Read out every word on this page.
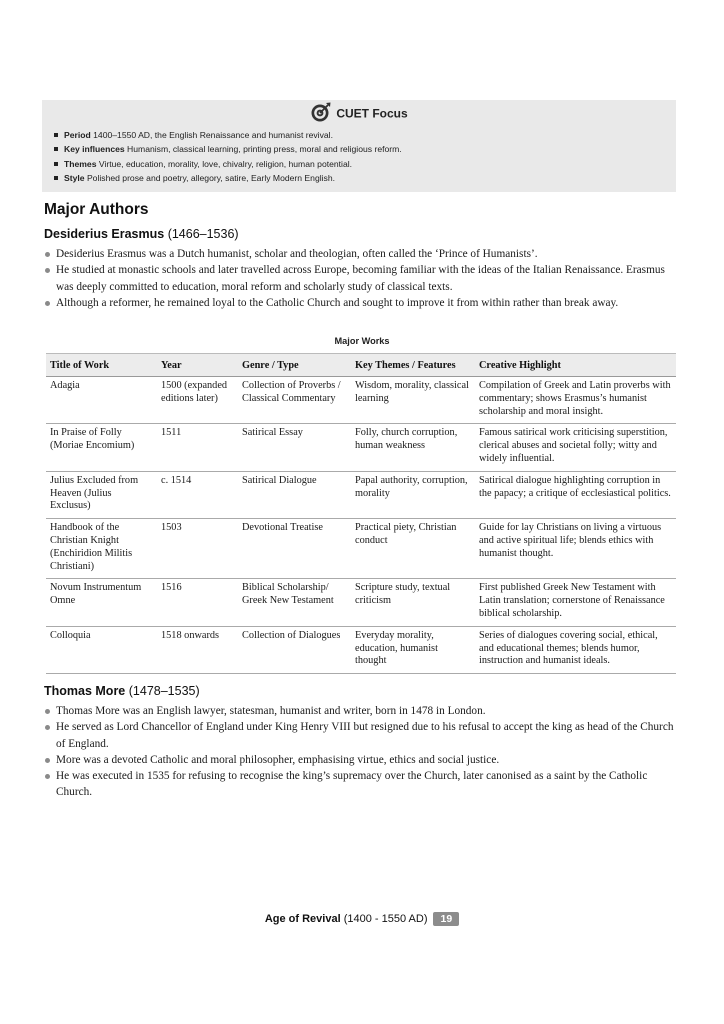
CUET Focus
Period 1400–1550 AD, the English Renaissance and humanist revival.
Key influences Humanism, classical learning, printing press, moral and religious reform.
Themes Virtue, education, morality, love, chivalry, religion, human potential.
Style Polished prose and poetry, allegory, satire, Early Modern English.
Major Authors
Desiderius Erasmus (1466–1536)
Desiderius Erasmus was a Dutch humanist, scholar and theologian, often called the ‘Prince of Humanists’.
He studied at monastic schools and later travelled across Europe, becoming familiar with the ideas of the Italian Renaissance. Erasmus was deeply committed to education, moral reform and scholarly study of classical texts.
Although a reformer, he remained loyal to the Catholic Church and sought to improve it from within rather than break away.
Major Works
Title of Work	Year	Genre / Type	Key Themes / Features	Creative Highlight
Adagia	1500 (expanded editions later)	Collection of Proverbs / Classical Commentary	Wisdom, morality, classical learning	Compilation of Greek and Latin proverbs with commentary; shows Erasmus’s humanist scholarship and moral insight.
In Praise of Folly (Moriae Encomium)	1511	Satirical Essay	Folly, church corruption, human weakness	Famous satirical work criticising superstition, clerical abuses and societal folly; witty and widely influential.
Julius Excluded from Heaven (Julius Exclusus)	c. 1514	Satirical Dialogue	Papal authority, corruption, morality	Satirical dialogue highlighting corruption in the papacy; a critique of ecclesiastical politics.
Handbook of the Christian Knight (Enchiridion Militis Christiani)	1503	Devotional Treatise	Practical piety, Christian conduct	Guide for lay Christians on living a virtuous and active spiritual life; blends ethics with humanist thought.
Novum Instrumentum Omne	1516	Biblical Scholarship/ Greek New Testament	Scripture study, textual criticism	First published Greek New Testament with Latin translation; cornerstone of Renaissance biblical scholarship.
Colloquia	1518 onwards	Collection of Dialogues	Everyday morality, education, humanist thought	Series of dialogues covering social, ethical, and educational themes; blends humor, instruction and humanist ideals.
Thomas More (1478–1535)
Thomas More was an English lawyer, statesman, humanist and writer, born in 1478 in London.
He served as Lord Chancellor of England under King Henry VIII but resigned due to his refusal to accept the king as head of the Church of England.
More was a devoted Catholic and moral philosopher, emphasising virtue, ethics and social justice.
He was executed in 1535 for refusing to recognise the king’s supremacy over the Church, later canonised as a saint by the Catholic Church.
Age of Revival (1400 - 1550 AD) 19
